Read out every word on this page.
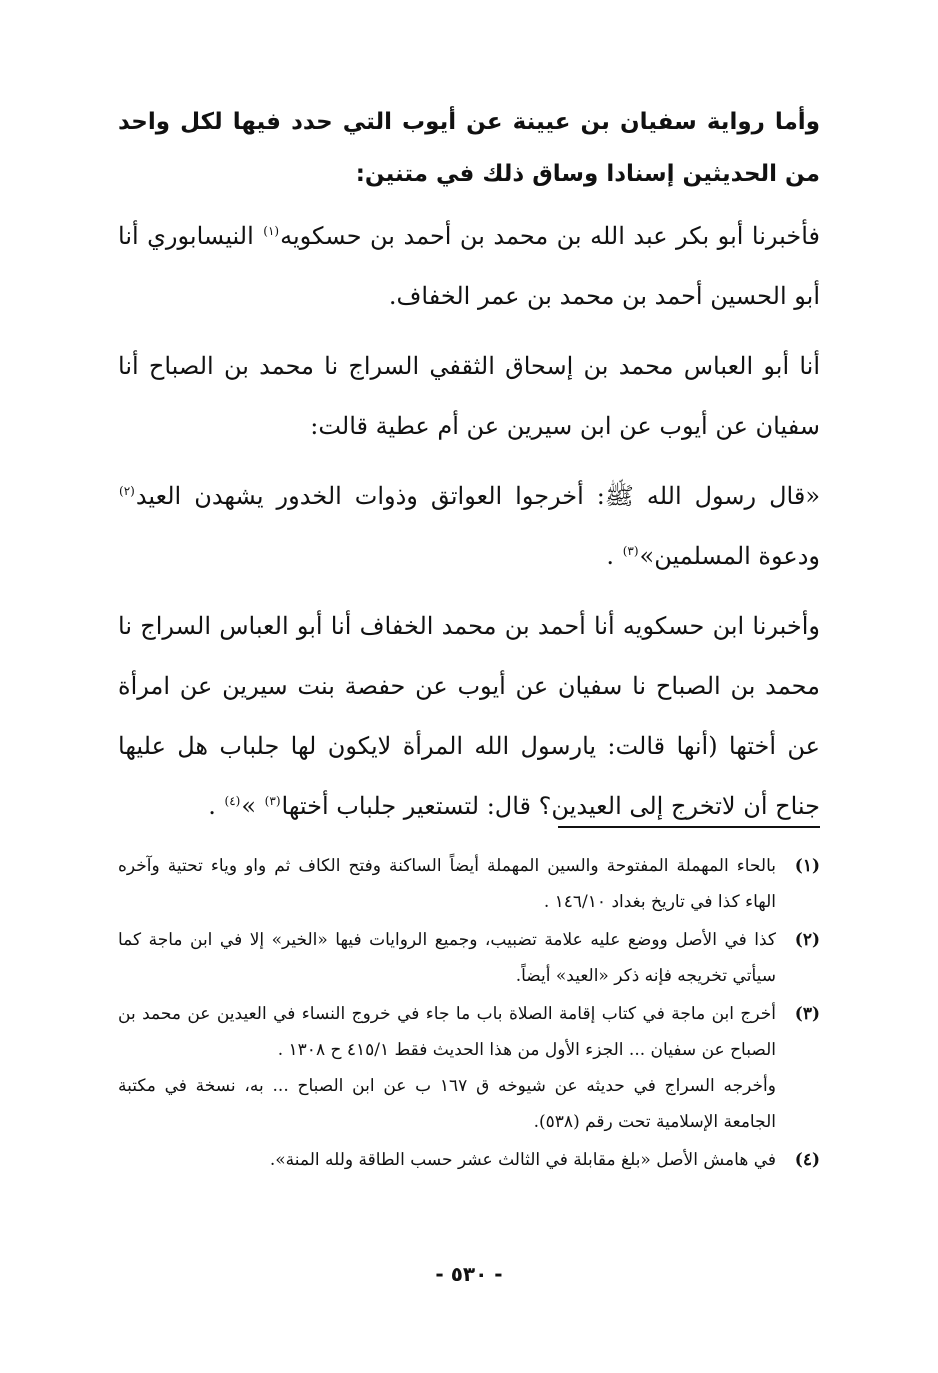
وأما رواية سفيان بن عيينة عن أيوب التي حدد فيها لكل واحد من الحديثين إسنادا وساق ذلك في متنين:

فأخبرنا أبو بكر عبد الله بن محمد بن أحمد بن حسكويه$^{(١)}$ النيسابوري أنا أبو الحسين أحمد بن محمد بن عمر الخفاف.

أنا أبو العباس محمد بن إسحاق الثقفي السراج نا محمد بن الصباح أنا سفيان عن أيوب عن ابن سيرين عن أم عطية قالت:

«قال رسول الله ﷺ: أخرجوا العواتق وذوات الخدور يشهدن العيد$^{(٢)}$ ودعوة المسلمين»$^{(٣)}$ .

وأخبرنا ابن حسكويه أنا أحمد بن محمد الخفاف أنا أبو العباس السراج نا محمد بن الصباح نا سفيان عن أيوب عن حفصة بنت سيرين عن امرأة عن أختها (أنها قالت: يارسول الله المرأة لايكون لها جلباب هل عليها جناح أن لاتخرج إلى العيدين؟ قال: لتستعير جلباب أختها$^{(٣)}$ »$^{(٤)}$ .

(١)

بالحاء المهملة المفتوحة والسين المهملة أيضاً الساكنة وفتح الكاف ثم واو وياء تحتية وآخره الهاء كذا في تاريخ بغداد ١٤٦/١٠ .

(٢)

كذا في الأصل ووضع عليه علامة تضبيب، وجميع الروايات فيها «الخير» إلا في ابن ماجة كما سيأتي تخريجه فإنه ذكر «العيد» أيضاً.

(٣)

أخرج ابن ماجة في كتاب إقامة الصلاة باب ما جاء في خروج النساء في العيدين عن محمد بن الصباح عن سفيان ... الجزء الأول من هذا الحديث فقط ٤١٥/١ ح ١٣٠٨ .

وأخرجه السراج في حديثه عن شيوخه ق ١٦٧ ب عن ابن الصباح ... به، نسخة في مكتبة الجامعة الإسلامية تحت رقم (٥٣٨).

(٤)

في هامش الأصل «بلغ مقابلة في الثالث عشر حسب الطاقة ولله المنة».

- ٥٣٠ -
